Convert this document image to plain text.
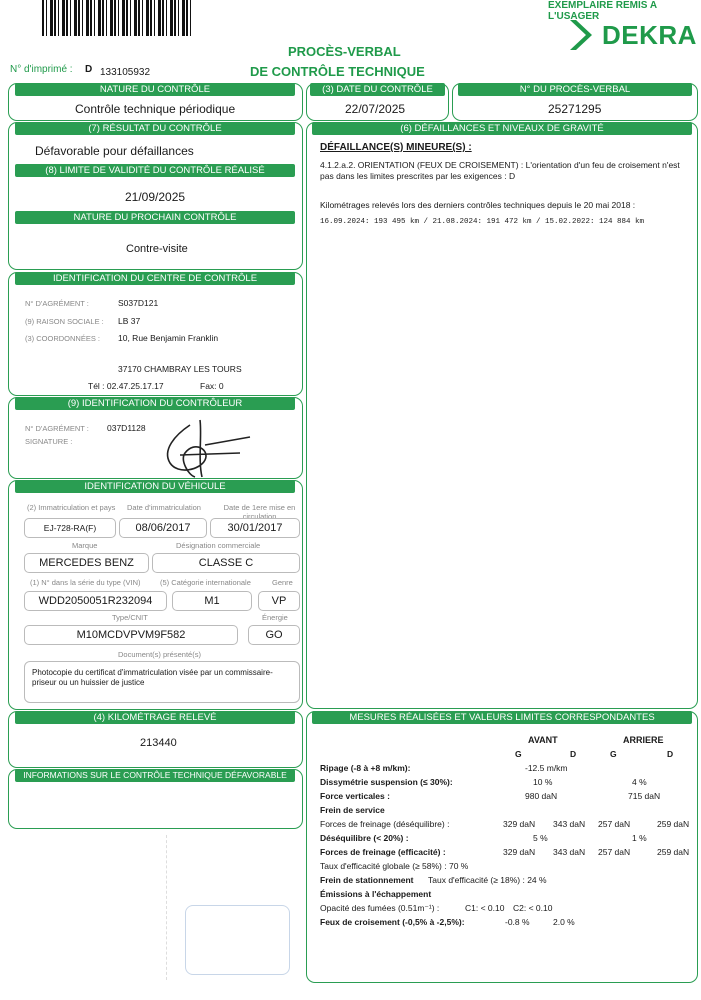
EXEMPLAIRE REMIS A L'USAGER
DEKRA
PROCÈS-VERBAL
DE CONTRÔLE TECHNIQUE
N° d'imprimé : D 133105932
NATURE DU CONTRÔLE
Contrôle technique périodique
(3) DATE DU CONTRÔLE
22/07/2025
N° DU PROCÈS-VERBAL
25271295
(7) RÉSULTAT DU CONTRÔLE
Défavorable pour défaillances
(8) LIMITE DE VALIDITÉ DU CONTRÔLE RÉALISÉ
21/09/2025
NATURE DU PROCHAIN CONTRÔLE
Contre-visite
IDENTIFICATION DU CENTRE DE CONTRÔLE
N° D'AGRÉMENT :	S037D121
(9) RAISON SOCIALE : LB 37
(3) COORDONNÉES : 10, Rue Benjamin Franklin
37170 CHAMBRAY LES TOURS
Tél : 02.47.25.17.17	Fax: 0
(9) IDENTIFICATION DU CONTRÔLEUR
N° D'AGRÉMENT : 037D1128
SIGNATURE :
IDENTIFICATION DU VÉHICULE
(2) Immatriculation et pays Date d'immatriculation	Date de 1ere mise en circulation
EJ-728-RA(F)	08/06/2017	30/01/2017
Marque	Désignation commerciale
MERCEDES BENZ	CLASSE C
(1) N° dans la série du type (VIN)	(5) Catégorie internationale	Genre
WDD2050051R232094	M1	VP
Type/CNIT	Énergie
M10MCDVPVM9F582	GO
Document(s) présenté(s)
Photocopie du certificat d'immatriculation visée par un commissaire-priseur ou un huissier de justice
(4) KILOMÉTRAGE RELEVÉ
213440
INFORMATIONS SUR LE CONTRÔLE TECHNIQUE DÉFAVORABLE
(6) DÉFAILLANCES ET NIVEAUX DE GRAVITÉ
DÉFAILLANCE(S) MINEURE(S) :
4.1.2.a.2. ORIENTATION (FEUX DE CROISEMENT) : L'orientation d'un feu de croisement n'est pas dans les limites prescrites par les exigences : D
Kilométrages relevés lors des derniers contrôles techniques depuis le 20 mai 2018 :
16.09.2024: 193 495 km / 21.08.2024: 191 472 km / 15.02.2022: 124 884 km
MESURES RÉALISÉES ET VALEURS LIMITES CORRESPONDANTES
AVANT	ARRIERE
G	D	G	D
Ripage (-8 à +8 m/km):	-12.5 m/km
Dissymétrie suspension (≤ 30%):	10 %	4 %
Force verticales :	980 daN	715 daN
Frein de service
Forces de freinage (déséquilibre) :	329 daN 343 daN 257 daN	259 daN
Déséquilibre (< 20%) :	5 %	1 %
Forces de freinage (efficacité) :	329 daN 343 daN 257 daN	259 daN
Taux d'efficacité globale (≥ 58%) : 70 %
Frein de stationnement Taux d'efficacité (≥ 18%) : 24 %
Émissions à l'échappement
Opacité des fumées (0.51m⁻¹) :	C1: < 0.10 C2: < 0.10
Feux de croisement (-0,5% à -2,5%):	-0.8 %	2.0 %
